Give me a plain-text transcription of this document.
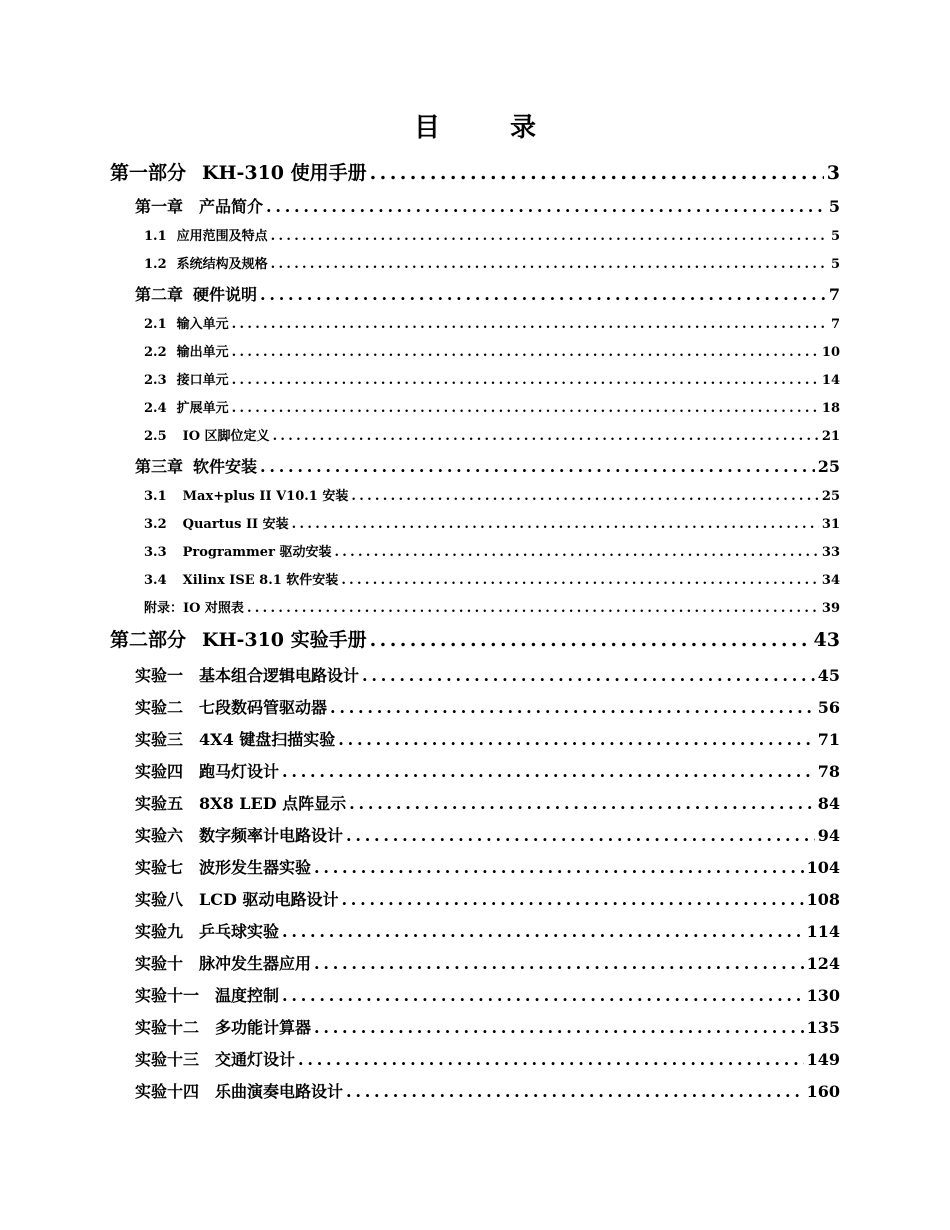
目	录
第一部分 KH-310 使用手册 . . .	3
第一章 产品简介 . . .	5
1.1 应用范围及特点 . . .	5
1.2 系统结构及规格 . . .	5
第二章 硬件说明 . . .	7
2.1 输入单元 . . .	7
2.2 输出单元 . . .	10
2.3 接口单元 . . .	14
2.4 扩展单元 . . .	18
2.5 IO 区脚位定义 . . .	21
第三章 软件安装 . . .	25
3.1 Max+plus II V10.1 安装 . . .	25
3.2 Quartus II 安装 . . .	31
3.3 Programmer 驱动安装 . . .	33
3.4 Xilinx ISE 8.1 软件安装 . . .	34
附录：IO 对照表 . . .	39
第二部分 KH-310 实验手册 . . .	43
实验一 基本组合逻辑电路设计 . . .	45
实验二 七段数码管驱动器 . . .	56
实验三 4X4 键盘扫描实验 . . .	71
实验四 跑马灯设计 . . .	78
实验五 8X8 LED 点阵显示 . . .	84
实验六 数字频率计电路设计 . . .	94
实验七 波形发生器实验 . . .	104
实验八 LCD 驱动电路设计 . . .	108
实验九 乒乓球实验 . . .	114
实验十 脉冲发生器应用 . . .	124
实验十一 温度控制 . . .	130
实验十二 多功能计算器 . . .	135
实验十三 交通灯设计 . . .	149
实验十四 乐曲演奏电路设计 . . .	160
